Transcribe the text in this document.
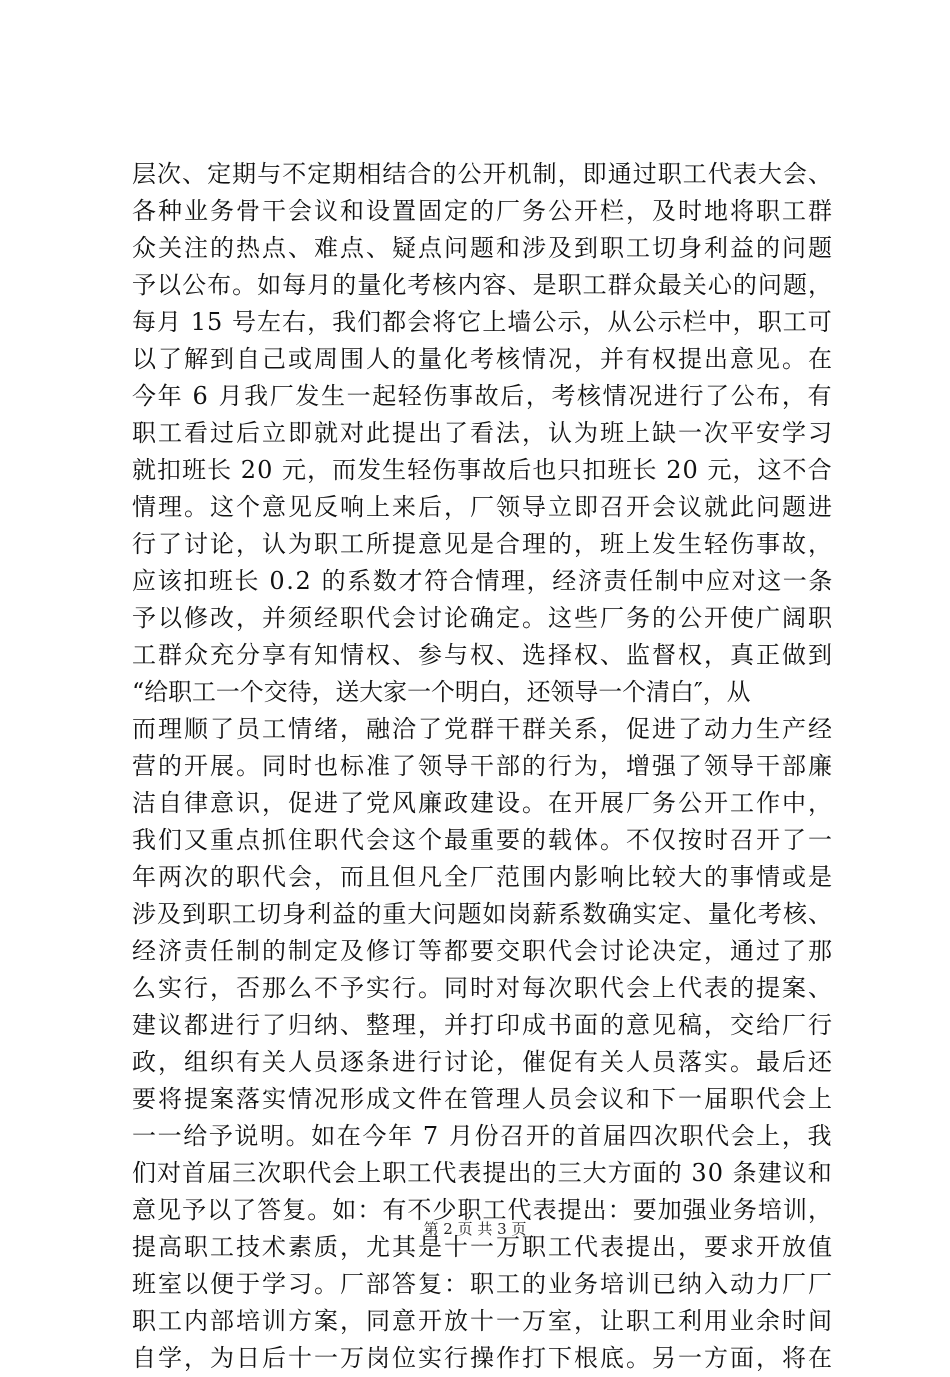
层次、定期与不定期相结合的公开机制，即通过职工代表大会、
各种业务骨干会议和设置固定的厂务公开栏，及时地将职工群
众关注的热点、难点、疑点问题和涉及到职工切身利益的问题
予以公布。如每月的量化考核内容、是职工群众最关心的问题，
每月 15 号左右，我们都会将它上墙公示，从公示栏中，职工可
以了解到自己或周围人的量化考核情况，并有权提出意见。在
今年 6 月我厂发生一起轻伤事故后，考核情况进行了公布，有
职工看过后立即就对此提出了看法，认为班上缺一次平安学习
就扣班长 20 元，而发生轻伤事故后也只扣班长 20 元，这不合
情理。这个意见反响上来后，厂领导立即召开会议就此问题进
行了讨论，认为职工所提意见是合理的，班上发生轻伤事故，
应该扣班长 0.2 的系数才符合情理，经济责任制中应对这一条
予以修改，并须经职代会讨论确定。这些厂务的公开使广阔职
工群众充分享有知情权、参与权、选择权、监督权，真正做到
“给职工一个交待，送大家一个明白，还领导一个清白″，从
而理顺了员工情绪，融洽了党群干群关系，促进了动力生产经
营的开展。同时也标准了领导干部的行为，增强了领导干部廉
洁自律意识，促进了党风廉政建设。在开展厂务公开工作中，
我们又重点抓住职代会这个最重要的载体。不仅按时召开了一
年两次的职代会，而且但凡全厂范围内影响比较大的事情或是
涉及到职工切身利益的重大问题如岗薪系数确实定、量化考核、
经济责任制的制定及修订等都要交职代会讨论决定，通过了那
么实行，否那么不予实行。同时对每次职代会上代表的提案、
建议都进行了归纳、整理，并打印成书面的意见稿，交给厂行
政，组织有关人员逐条进行讨论，催促有关人员落实。最后还
要将提案落实情况形成文件在管理人员会议和下一届职代会上
一一给予说明。如在今年 7 月份召开的首届四次职代会上，我
们对首届三次职代会上职工代表提出的三大方面的 30 条建议和
意见予以了答复。如：有不少职工代表提出：要加强业务培训，
提高职工技术素质，尤其是十一万职工代表提出，要求开放值
班室以便于学习。厂部答复：职工的业务培训已纳入动力厂厂
职工内部培训方案，同意开放十一万室，让职工利用业余时间
自学，为日后十一万岗位实行操作打下根底。另一方面，将在
第 2 页 共 3 页
